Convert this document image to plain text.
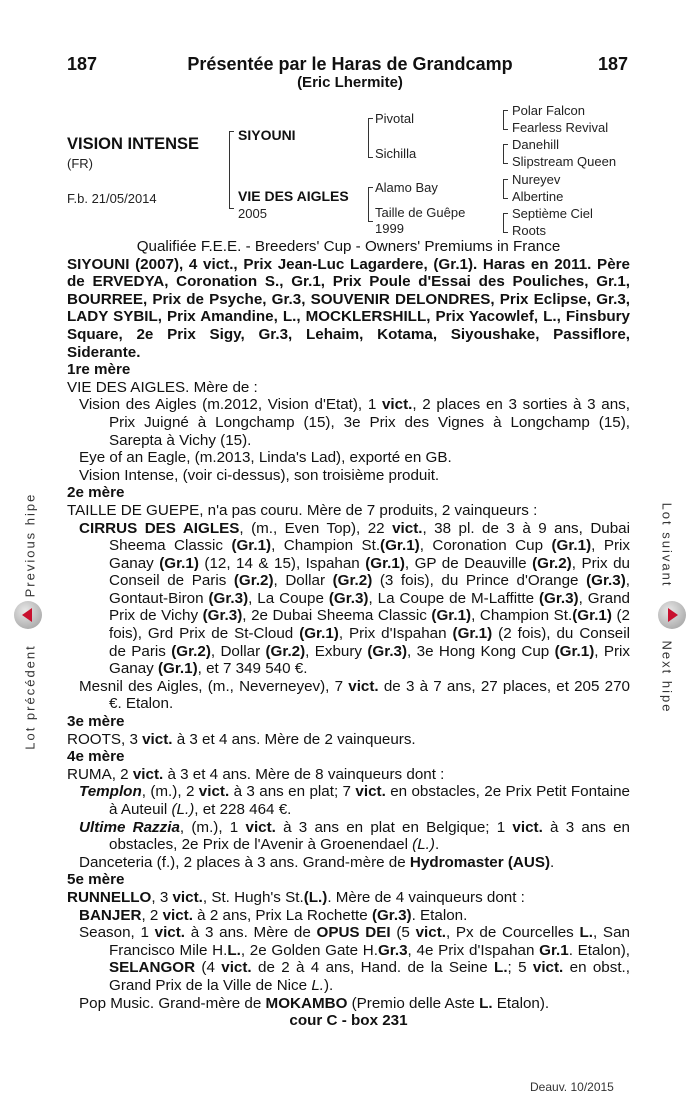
187	187
Présentée par le Haras de Grandcamp
(Eric Lhermite)
VISION INTENSE
(FR)
F.b. 21/05/2014
SIYOUNI
VIE DES AIGLES
2005
Pivotal
Sichilla
Alamo Bay
Taille de Guêpe
1999
Polar Falcon
Fearless Revival
Danehill
Slipstream Queen
Nureyev
Albertine
Septième Ciel
Roots
Previous hipe
Lot précédent
Lot suivant
Next hipe

Qualifiée F.E.E. - Breeders' Cup - Owners' Premiums in France

SIYOUNI (2007), 4 vict., Prix Jean-Luc Lagardere, (Gr.1). Haras en 2011. Père de ERVEDYA, Coronation S., Gr.1, Prix Poule d'Essai des Pouliches, Gr.1, BOURREE, Prix de Psyche, Gr.3, SOUVENIR DELONDRES, Prix Eclipse, Gr.3, LADY SYBIL, Prix Amandine, L., MOCKLERSHILL, Prix Yacowlef, L., Finsbury Square, 2e Prix Sigy, Gr.3, Lehaim, Kotama, Siyoushake, Passiflore, Siderante.

1re mère

VIE DES AIGLES. Mère de :

Vision des Aigles (m.2012, Vision d'Etat), 1 vict., 2 places en 3 sorties à 3 ans, Prix Juigné à Longchamp (15), 3e Prix des Vignes à Longchamp (15), Sarepta à Vichy (15).

Eye of an Eagle, (m.2013, Linda's Lad), exporté en GB.

Vision Intense, (voir ci-dessus), son troisième produit.

2e mère

TAILLE DE GUEPE, n'a pas couru. Mère de 7 produits, 2 vainqueurs :

CIRRUS DES AIGLES, (m., Even Top), 22 vict., 38 pl. de 3 à 9 ans, Dubai Sheema Classic (Gr.1), Champion St.(Gr.1), Coronation Cup (Gr.1), Prix Ganay (Gr.1) (12, 14 & 15), Ispahan (Gr.1), GP de Deauville (Gr.2), Prix du Conseil de Paris (Gr.2), Dollar (Gr.2) (3 fois), du Prince d'Orange (Gr.3), Gontaut-Biron (Gr.3), La Coupe (Gr.3), La Coupe de M-Laffitte (Gr.3), Grand Prix de Vichy (Gr.3), 2e Dubai Sheema Classic (Gr.1), Champion St.(Gr.1) (2 fois), Grd Prix de St-Cloud (Gr.1), Prix d'Ispahan (Gr.1) (2 fois), du Conseil de Paris (Gr.2), Dollar (Gr.2), Exbury (Gr.3), 3e Hong Kong Cup (Gr.1), Prix Ganay (Gr.1), et 7 349 540 €.

Mesnil des Aigles, (m., Neverneyev), 7 vict. de 3 à 7 ans, 27 places, et 205 270 €. Etalon.

3e mère

ROOTS, 3 vict. à 3 et 4 ans. Mère de 2 vainqueurs.

4e mère

RUMA, 2 vict. à 3 et 4 ans. Mère de 8 vainqueurs dont :

Templon, (m.), 2 vict. à 3 ans en plat; 7 vict. en obstacles, 2e Prix Petit Fontaine à Auteuil (L.), et 228 464 €.

Ultime Razzia, (m.), 1 vict. à 3 ans en plat en Belgique; 1 vict. à 3 ans en obstacles, 2e Prix de l'Avenir à Groenendael (L.).

Danceteria (f.), 2 places à 3 ans. Grand-mère de Hydromaster (AUS).

5e mère

RUNNELLO, 3 vict., St. Hugh's St.(L.). Mère de 4 vainqueurs dont :

BANJER, 2 vict. à 2 ans, Prix La Rochette (Gr.3). Etalon.

Season, 1 vict. à 3 ans. Mère de OPUS DEI (5 vict., Px de Courcelles L., San Francisco Mile H.L., 2e Golden Gate H.Gr.3, 4e Prix d'Ispahan Gr.1. Etalon), SELANGOR (4 vict. de 2 à 4 ans, Hand. de la Seine L.; 5 vict. en obst., Grand Prix de la Ville de Nice L.).

Pop Music. Grand-mère de MOKAMBO (Premio delle Aste L. Etalon).

cour C - box 231

Deauv. 10/2015
